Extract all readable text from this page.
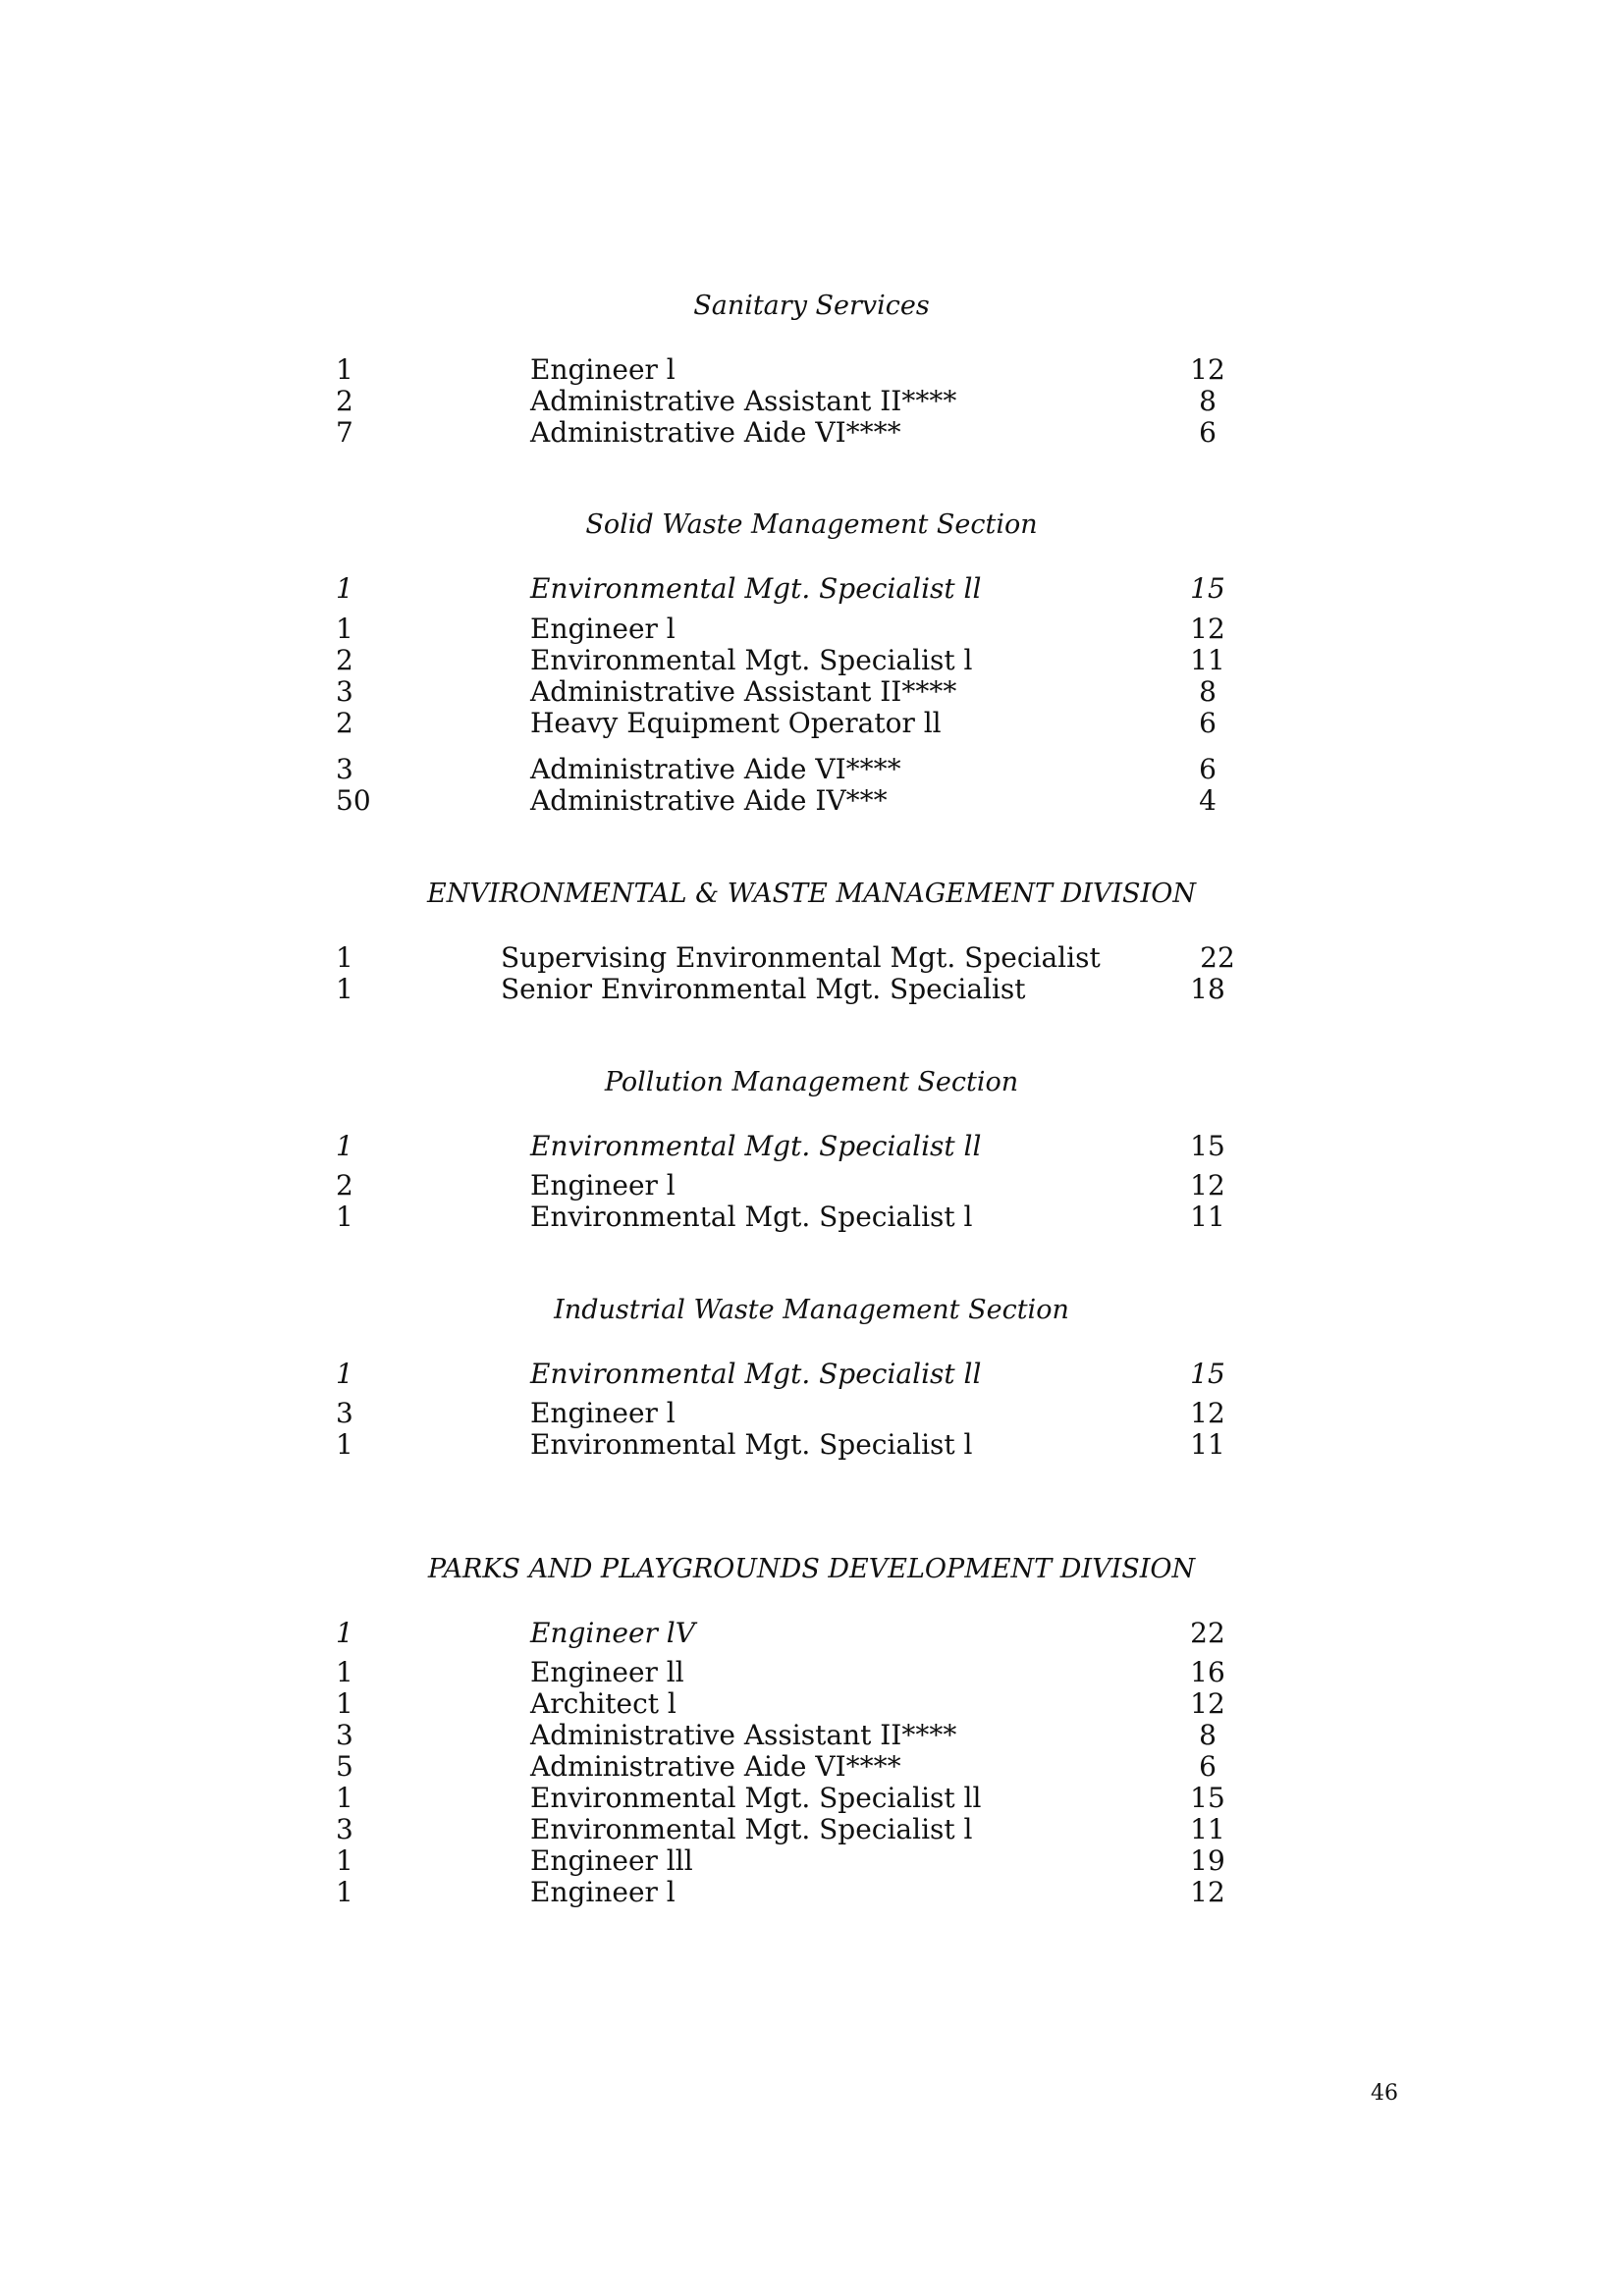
Sanitary Services
1	Engineer l	12
2	Administrative Assistant II****	8
7	Administrative Aide VI****	6
Solid Waste Management Section
1	Environmental Mgt. Specialist ll	15
1	Engineer l	12
2	Environmental Mgt. Specialist l	11
3	Administrative Assistant II****	8
2	Heavy Equipment Operator ll	6
3	Administrative Aide VI****	6
50	Administrative Aide IV***	4
ENVIRONMENTAL & WASTE MANAGEMENT DIVISION
1	Supervising Environmental Mgt. Specialist	22
1	Senior Environmental Mgt. Specialist	18
Pollution Management Section
1	Environmental Mgt. Specialist ll	15
2	Engineer l	12
1	Environmental Mgt. Specialist l	11
Industrial Waste Management Section
1	Environmental Mgt. Specialist ll	15
3	Engineer l	12
1	Environmental Mgt. Specialist l	11
PARKS AND PLAYGROUNDS DEVELOPMENT DIVISION
1	Engineer lV	22
1	Engineer ll	16
1	Architect l	12
3	Administrative Assistant II****	8
5	Administrative Aide VI****	6
1	Environmental Mgt. Specialist ll	15
3	Environmental Mgt. Specialist l	11
1	Engineer lll	19
1	Engineer l	12
46
